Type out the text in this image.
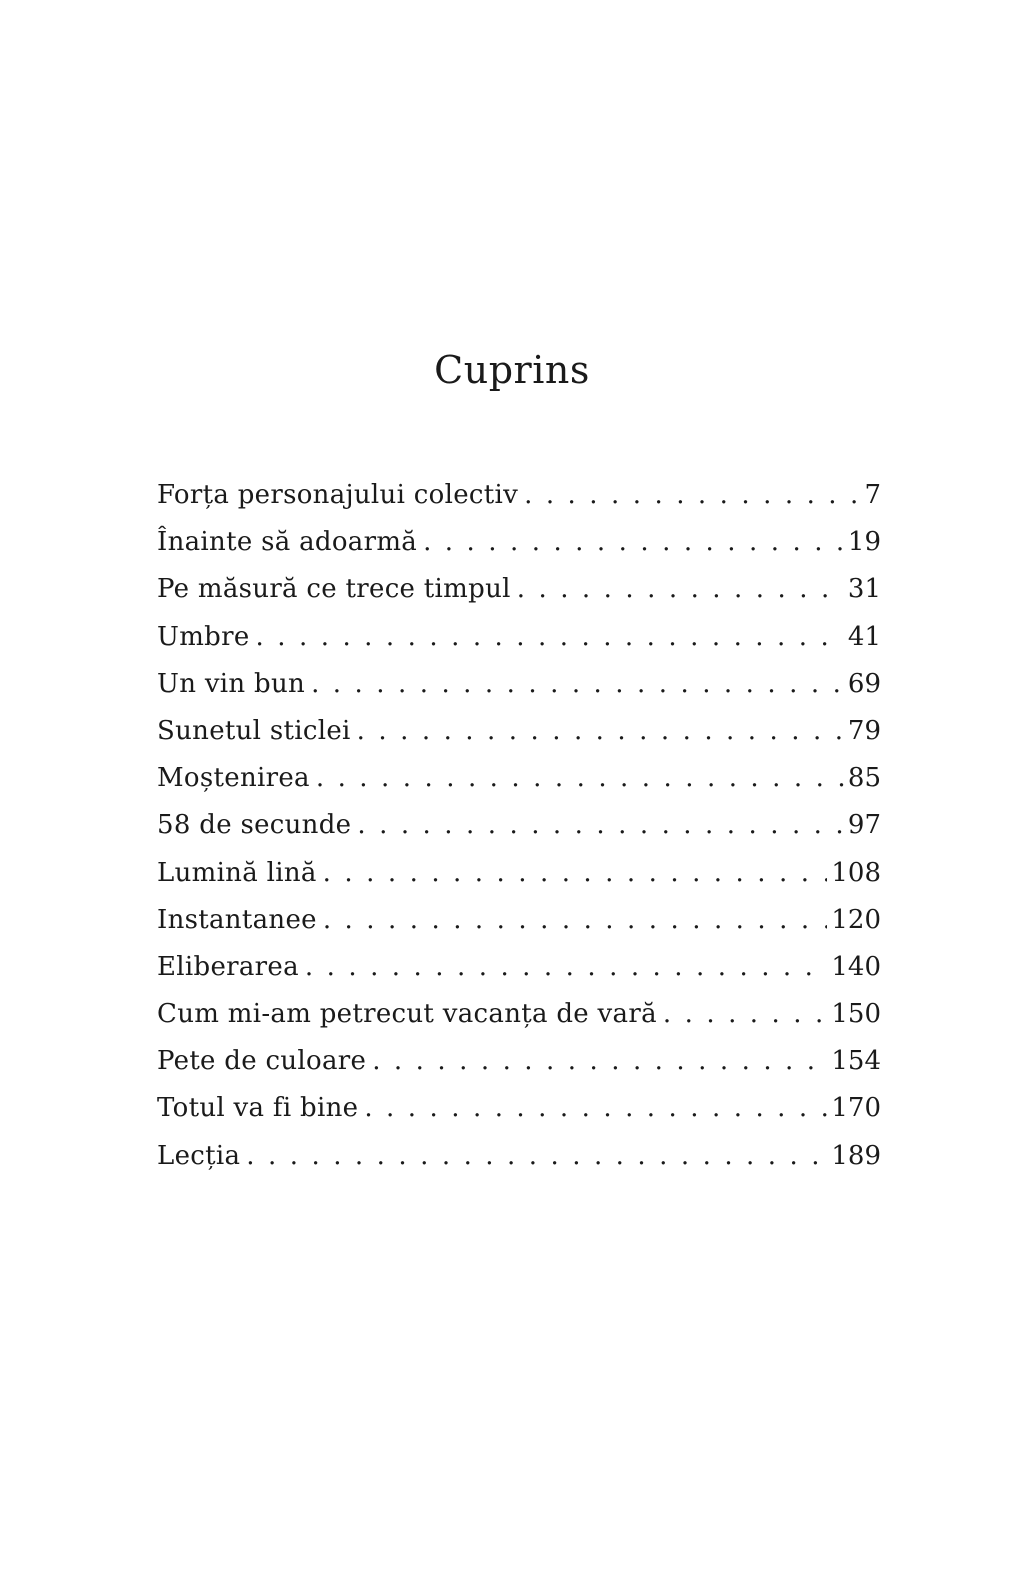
Cuprins
Forța personajului colectiv . . .	7
Înainte să adoarmă . . .	19
Pe măsură ce trece timpul . . .	31
Umbre . . .	41
Un vin bun . . .	69
Sunetul sticlei . . .	79
Moștenirea . . .	85
58 de secunde . . .	97
Lumină lină . . .	108
Instantanee . . .	120
Eliberarea . . .	140
Cum mi-am petrecut vacanța de vară . . .	150
Pete de culoare . . .	154
Totul va fi bine . . .	170
Lecția . . .	189
